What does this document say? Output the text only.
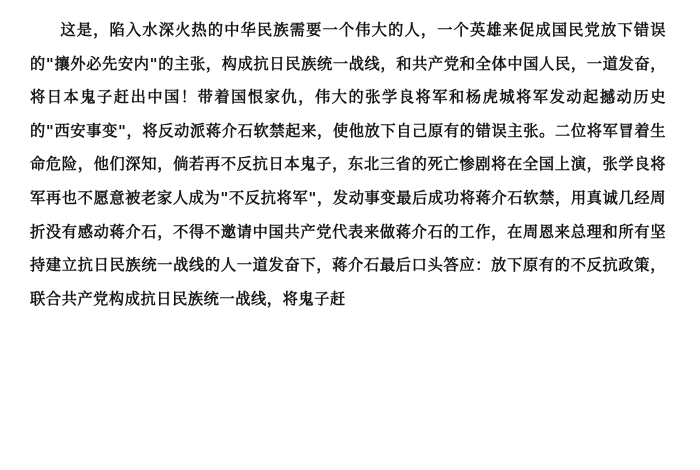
这是，陷入水深火热的中华民族需要一个伟大的人，一个英雄来促成国民党放下错误的"攘外必先安内"的主张，构成抗日民族统一战线，和共产党和全体中国人民，一道发奋，将日本鬼子赶出中国！带着国恨家仇，伟大的张学良将军和杨虎城将军发动起撼动历史的"西安事变"，将反动派蒋介石软禁起来，使他放下自己原有的错误主张。二位将军冒着生命危险，他们深知，倘若再不反抗日本鬼子，东北三省的死亡惨剧将在全国上演，张学良将军再也不愿意被老家人成为"不反抗将军"，发动事变最后成功将蒋介石软禁，用真诚几经周折没有感动蒋介石，不得不邀请中国共产党代表来做蒋介石的工作，在周恩来总理和所有坚持建立抗日民族统一战线的人一道发奋下，蒋介石最后口头答应：放下原有的不反抗政策，联合共产党构成抗日民族统一战线，将鬼子赶
